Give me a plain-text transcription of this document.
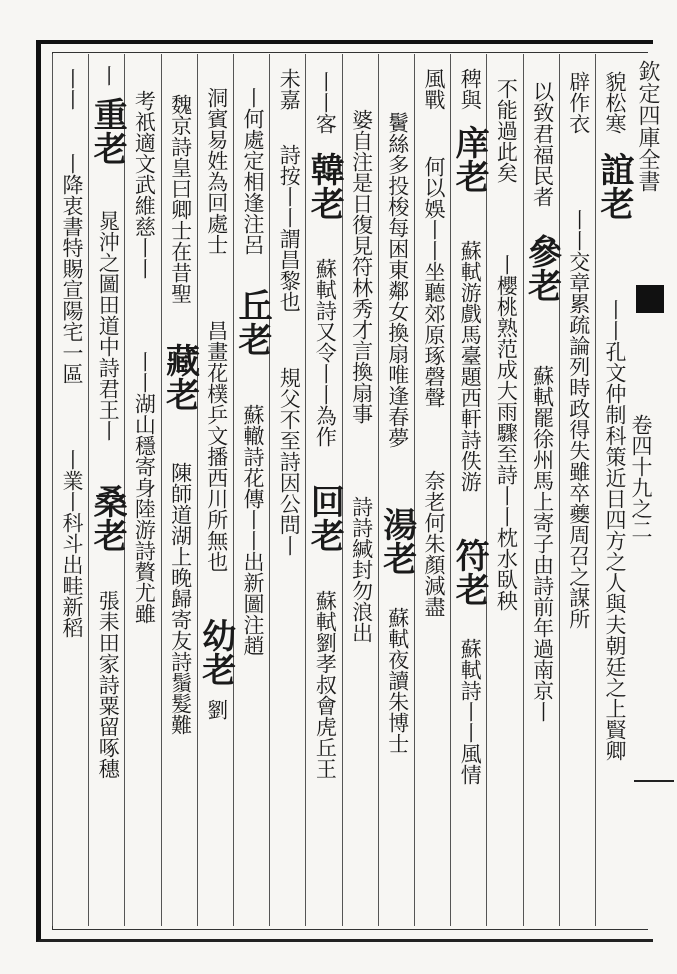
欽定四庫全書
卷四十九之二
貌松寒
誼老
丨丨孔文仲制科策近日四方之人與夫朝廷之上賢卿
辟作衣
丨丨交章累疏論列時政得失雖卒夔周召之謀所
以致君福民者
參老
蘇軾罷徐州馬上寄子由詩前年過南京丨
不能過此矣
丨櫻桃熟范成大雨驟至詩丨丨枕水臥秧
稗與
庠老
蘇軾游戲馬臺題西軒詩佚游
符老
蘇軾詩丨丨風情
風戰
何以娛丨丨坐聽郊原琢磬聲
奈老何朱顏減盡
鬢絲多投梭每困東鄰女換扇唯逢春夢
湯老
蘇軾夜讀朱博士
婆自注是日復見符林秀才言換扇事
詩詩緘封勿浪出
丨丨客
韓老
蘇軾詩又令丨丨為作
回老
蘇軾劉孝叔會虎丘王
未嘉
詩按丨丨謂昌黎也
規父不至詩因公問丨
丨何處定相逢注呂
丘老
蘇轍詩花傳丨丨出新圖注趙
洞賓易姓為回處士
昌畫花樸乒文播西川所無也
幼老
劉
魏京詩皇曰卿士在昔聖
藏老
陳師道湖上晚歸寄友詩鬚髮難
考祇適文武維慈丨丨
丨丨湖山穩寄身陸游詩贅尤雖
丨
重老
晁沖之圖田道中詩君王丨
桑老
張耒田家詩粟留啄穗
丨丨
丨降衷書特賜宣陽宅一區
丨業丨科斗出畦新稻
